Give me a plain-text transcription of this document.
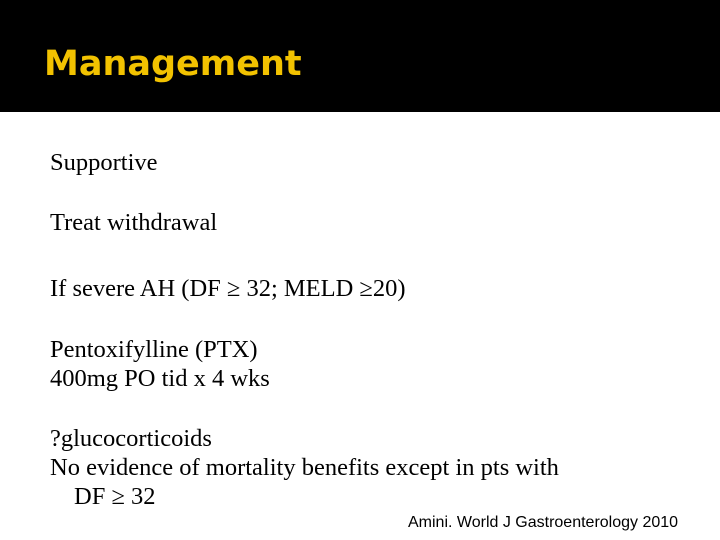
Management

Supportive

Treat withdrawal

If severe AH (DF ≥ 32; MELD ≥20)

Pentoxifylline (PTX)

400mg PO tid x 4 wks

?glucocorticoids

No evidence of mortality benefits except in pts with

DF ≥ 32

Amini. World J Gastroenterology 2010
